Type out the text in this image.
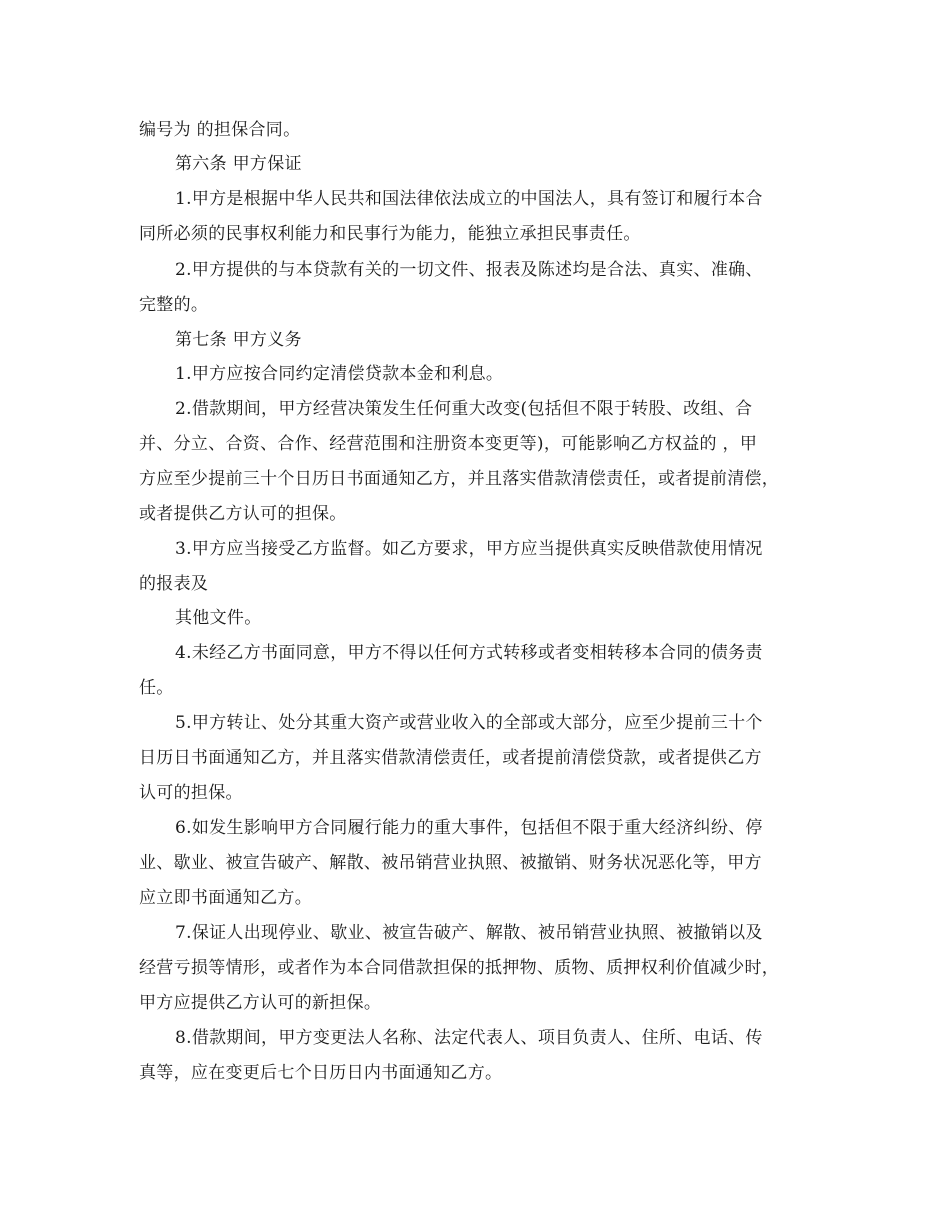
编号为 的担保合同。
第六条 甲方保证
1.甲方是根据中华人民共和国法律依法成立的中国法人，具有签订和履行本合
同所必须的民事权利能力和民事行为能力，能独立承担民事责任。
2.甲方提供的与本贷款有关的一切文件、报表及陈述均是合法、真实、准确、
完整的。
第七条 甲方义务
1.甲方应按合同约定清偿贷款本金和利息。
2.借款期间，甲方经营决策发生任何重大改变(包括但不限于转股、改组、合
并、分立、合资、合作、经营范围和注册资本变更等)，可能影响乙方权益的 ，甲
方应至少提前三十个日历日书面通知乙方，并且落实借款清偿责任，或者提前清偿，
或者提供乙方认可的担保。
3.甲方应当接受乙方监督。如乙方要求，甲方应当提供真实反映借款使用情况
的报表及
其他文件。
4.未经乙方书面同意，甲方不得以任何方式转移或者变相转移本合同的债务责
任。
5.甲方转让、处分其重大资产或营业收入的全部或大部分，应至少提前三十个
日历日书面通知乙方，并且落实借款清偿责任，或者提前清偿贷款，或者提供乙方
认可的担保。
6.如发生影响甲方合同履行能力的重大事件，包括但不限于重大经济纠纷、停
业、歇业、被宣告破产、解散、被吊销营业执照、被撤销、财务状况恶化等，甲方
应立即书面通知乙方。
7.保证人出现停业、歇业、被宣告破产、解散、被吊销营业执照、被撤销以及
经营亏损等情形，或者作为本合同借款担保的抵押物、质物、质押权利价值减少时，
甲方应提供乙方认可的新担保。
8.借款期间，甲方变更法人名称、法定代表人、项目负责人、住所、电话、传
真等，应在变更后七个日历日内书面通知乙方。
